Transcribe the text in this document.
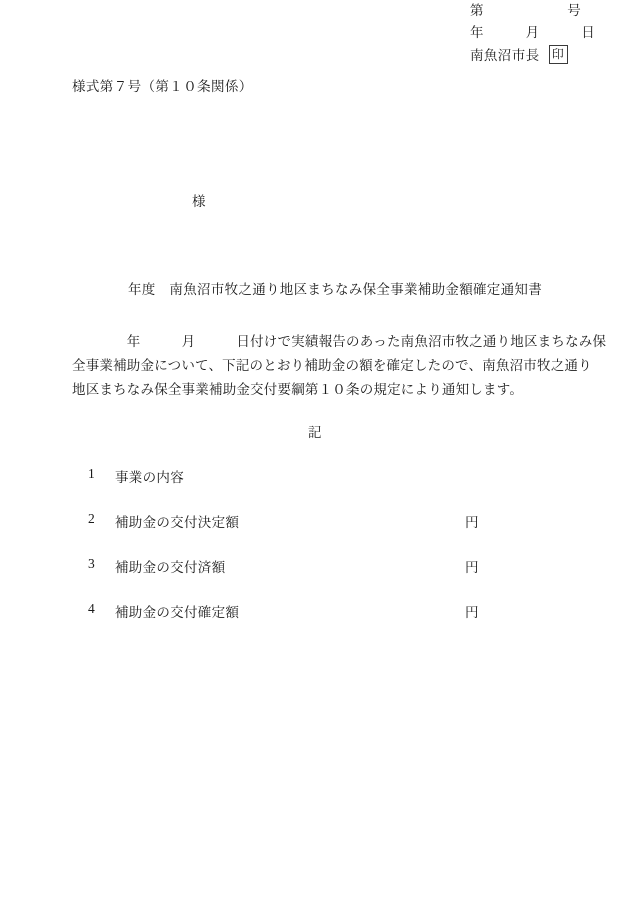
様式第７号（第１０条関係）
第　　　　　　号
年　　　月　　　日
様
南魚沼市長 印
年度　南魚沼市牧之通り地区まちなみ保全事業補助金額確定通知書
　　　　年　　　月　　　日付けで実績報告のあった南魚沼市牧之通り地区まちなみ保
全事業補助金について、下記のとおり補助金の額を確定したので、南魚沼市牧之通り
地区まちなみ保全事業補助金交付要綱第１０条の規定により通知します。
記
1 事業の内容
2 補助金の交付決定額	円
3 補助金の交付済額	円
4 補助金の交付確定額	円
